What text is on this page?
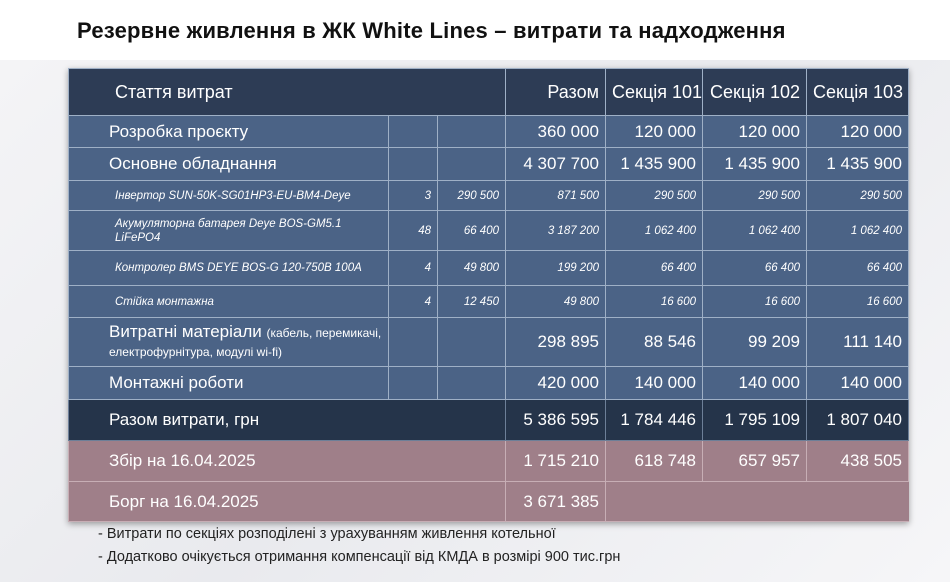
Резервне живлення в ЖК White Lines – витрати та надходження
Стаття витрат			Разом	Секція 101	Секція 102	Секція 103
Розробка проєкту			360 000	120 000	120 000	120 000
Основне обладнання			4 307 700	1 435 900	1 435 900	1 435 900
Інвертор SUN-50K-SG01HP3-EU-BM4-Deye	3	290 500	871 500	290 500	290 500	290 500
Акумуляторна батарея Deye BOS-GM5.1 LiFePO4	48	66 400	3 187 200	1 062 400	1 062 400	1 062 400
Контролер BMS DEYE BOS-G 120-750В 100А	4	49 800	199 200	66 400	66 400	66 400
Стійка монтажна	4	12 450	49 800	16 600	16 600	16 600
Витратні матеріали (кабель, перемикачі, електрофурнітура, модулі wi-fi)			298 895	88 546	99 209	111 140
Монтажні роботи			420 000	140 000	140 000	140 000
Разом витрати, грн			5 386 595	1 784 446	1 795 109	1 807 040
Збір на 16.04.2025			1 715 210	618 748	657 957	438 505
Борг на 16.04.2025			3 671 385			
- Витрати по секціях розподілені з урахуванням живлення котельної
- Додатково очікується отримання компенсації від КМДА в розмірі 900 тис.грн
